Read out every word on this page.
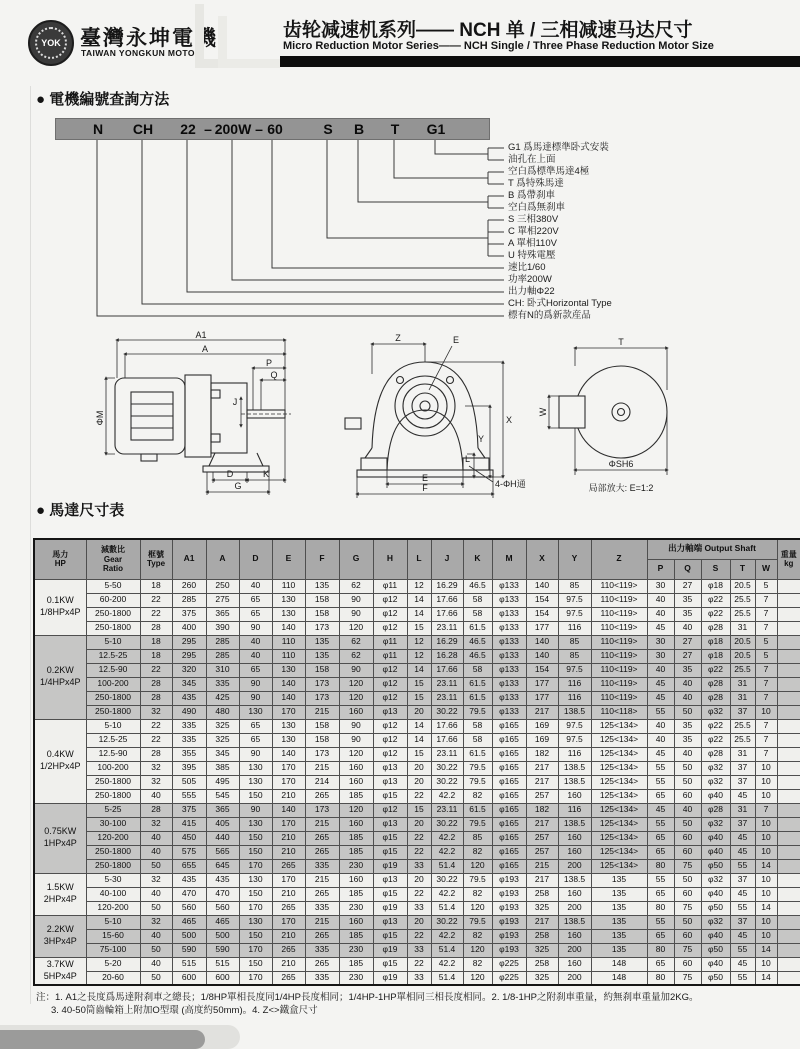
YOK 臺灣永坤電機
TAIWAN YONGKUN MOTOR
齿轮减速机系列—— NCH 单 / 三相减速马达尺寸
Micro Reduction Motor Series—— NCH Single / Three Phase Reduction Motor Size
● 電機編號查詢方法
N CH 22 – 200W – 60	S B T G1
G1 爲馬達標準卧式安裝
油孔在上面
空白爲標準馬達4極
T 爲特殊馬達
B 爲帶刹車
空白爲無刹車
S 三相380V
C 單相220V
A 單相110V
U 特殊電壓
速比1/60
功率200W
出力軸Φ22
CH: 卧式Horizontal Type
標有N的爲新款産品
A1
A
P
Q
ΦM
J
D	K
G
Z	E
X
Y
L
E
F	4-ΦH通
T
W
ΦSH6
局部放大: E=1:2
● 馬達尺寸表
馬力
HP	減數比
Gear
Ratio	框號
Type	A1	A	D	E	F	G	H	L	J	K	M	X	Y	Z	出力軸端 Output Shaft					重量
kg
																	P	Q	S	T	W	

0.1KW
1/8HPx4P	5-50	18	260	250	40	110	135	62	φ11	12	16.29	46.5	φ133	140	85	110<119>	30	27	φ18	20.5	5	
	60-200	22	285	275	65	130	158	90	φ12	14	17.66	58	φ133	154	97.5	110<119>	40	35	φ22	25.5	7	
	250-1800	22	375	365	65	130	158	90	φ12	14	17.66	58	φ133	154	97.5	110<119>	40	35	φ22	25.5	7	
	250-1800	28	400	390	90	140	173	120	φ12	15	23.11	61.5	φ133	177	116	110<119>	45	40	φ28	31	7	

0.2KW
1/4HPx4P	5-10	18	295	285	40	110	135	62	φ11	12	16.29	46.5	φ133	140	85	110<119>	30	27	φ18	20.5	5	
	12.5-25	18	295	285	40	110	135	62	φ11	12	16.28	46.5	φ133	140	85	110<119>	30	27	φ18	20.5	5	
	12.5-90	22	320	310	65	130	158	90	φ12	14	17.66	58	φ133	154	97.5	110<119>	40	35	φ22	25.5	7	
	100-200	28	345	335	90	140	173	120	φ12	15	23.11	61.5	φ133	177	116	110<119>	45	40	φ28	31	7	
	250-1800	28	435	425	90	140	173	120	φ12	15	23.11	61.5	φ133	177	116	110<119>	45	40	φ28	31	7	
	250-1800	32	490	480	130	170	215	160	φ13	20	30.22	79.5	φ133	217	138.5	110<118>	55	50	φ32	37	10	

0.4KW
1/2HPx4P	5-10	22	335	325	65	130	158	90	φ12	14	17.66	58	φ165	169	97.5	125<134>	40	35	φ22	25.5	7	
	12.5-25	22	335	325	65	130	158	90	φ12	14	17.66	58	φ165	169	97.5	125<134>	40	35	φ22	25.5	7	
	12.5-90	28	355	345	90	140	173	120	φ12	15	23.11	61.5	φ165	182	116	125<134>	45	40	φ28	31	7	
	100-200	32	395	385	130	170	215	160	φ13	20	30.22	79.5	φ165	217	138.5	125<134>	55	50	φ32	37	10	
	250-1800	32	505	495	130	170	214	160	φ13	20	30.22	79.5	φ165	217	138.5	125<134>	55	50	φ32	37	10	
	250-1800	40	555	545	150	210	265	185	φ15	22	42.2	82	φ165	257	160	125<134>	65	60	φ40	45	10	

0.75KW
1HPx4P	5-25	28	375	365	90	140	173	120	φ12	15	23.11	61.5	φ165	182	116	125<134>	45	40	φ28	31	7	
	30-100	32	415	405	130	170	215	160	φ13	20	30.22	79.5	φ165	217	138.5	125<134>	55	50	φ32	37	10	
	120-200	40	450	440	150	210	265	185	φ15	22	42.2	85	φ165	257	160	125<134>	65	60	φ40	45	10	
	250-1800	40	575	565	150	210	265	185	φ15	22	42.2	82	φ165	257	160	125<134>	65	60	φ40	45	10	
	250-1800	50	655	645	170	265	335	230	φ19	33	51.4	120	φ165	215	200	125<134>	80	75	φ50	55	14	

1.5KW
2HPx4P	5-30	32	435	435	130	170	215	160	φ13	20	30.22	79.5	φ193	217	138.5	135	55	50	φ32	37	10	
	40-100	40	470	470	150	210	265	185	φ15	22	42.2	82	φ193	258	160	135	65	60	φ40	45	10	
	120-200	50	560	560	170	265	335	230	φ19	33	51.4	120	φ193	325	200	135	80	75	φ50	55	14	

2.2KW
3HPx4P	5-10	32	465	465	130	170	215	160	φ13	20	30.22	79.5	φ193	217	138.5	135	55	50	φ32	37	10	
	15-60	40	500	500	150	210	265	185	φ15	22	42.2	82	φ193	258	160	135	65	60	φ40	45	10	
	75-100	50	590	590	170	265	335	230	φ19	33	51.4	120	φ193	325	200	135	80	75	φ50	55	14	

3.7KW
5HPx4P	5-20	40	515	515	150	210	265	185	φ15	22	42.2	82	φ225	258	160	148	65	60	φ40	45	10	
	20-60	50	600	600	170	265	335	230	φ19	33	51.4	120	φ225	325	200	148	80	75	φ50	55	14	
注：1. A1之長度爲馬達附刹車之總長；1/8HP單相長度同1/4HP長度相同；1/4HP-1HP單相同三相長度相同。2. 1/8-1HP之附刹車重量，約無刹車重量加2KG。
3. 40-50筒齒輪箱上附加O型環 (高度約50mm)。4. Z<>鐵盒尺寸
